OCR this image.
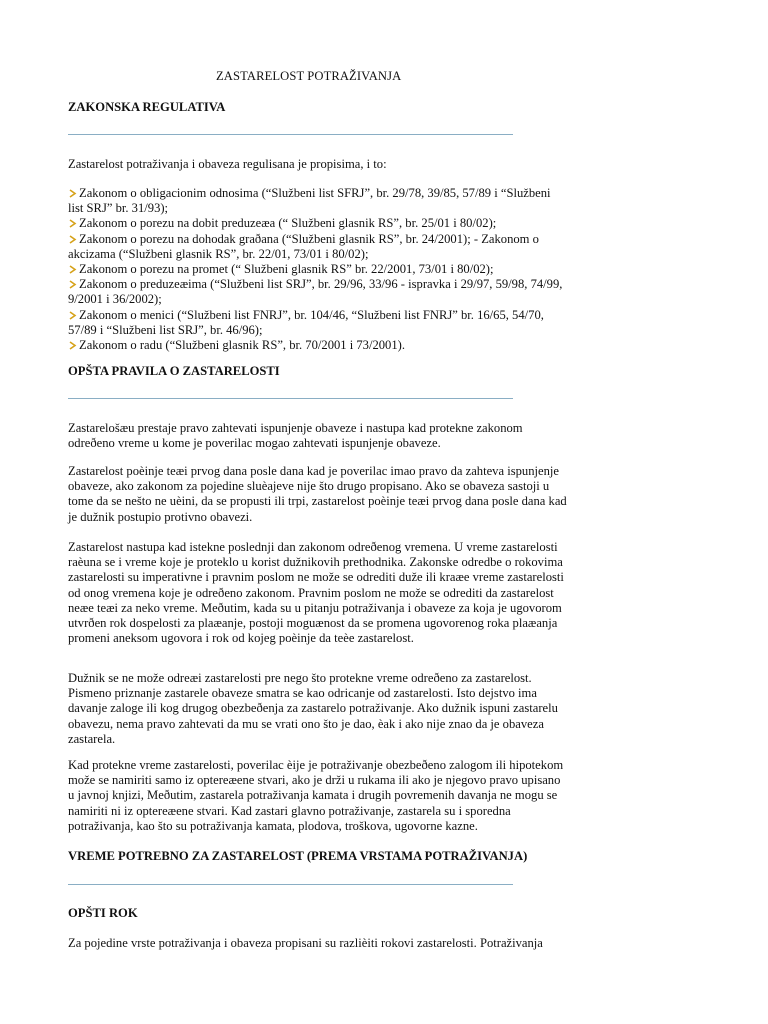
ZASTARELOST POTRAŽIVANJA
ZAKONSKA REGULATIVA
Zastarelost potraživanja i obaveza regulisana je propisima, i to:
Zakonom o obligacionim odnosima (“Službeni list SFRJ”, br. 29/78, 39/85, 57/89 i “Službeni list SRJ” br. 31/93);
Zakonom o porezu na dobit preduzeæa (“ Službeni glasnik RS”, br. 25/01 i 80/02);
Zakonom o porezu na dohodak graðana (“Službeni glasnik RS”, br. 24/2001); - Zakonom o akcizama (“Službeni glasnik RS”, br. 22/01, 73/01 i 80/02);
Zakonom o porezu na promet (“ Službeni glasnik RS” br. 22/2001, 73/01 i 80/02);
Zakonom o preduzeæima (“Službeni list SRJ”, br. 29/96, 33/96 - ispravka i 29/97, 59/98, 74/99, 9/2001 i 36/2002);
Zakonom o menici (“Službeni list FNRJ”, br. 104/46, “Službeni list FNRJ” br. 16/65, 54/70, 57/89 i “Službeni list SRJ”, br. 46/96);
Zakonom o radu (“Službeni glasnik RS”, br. 70/2001 i 73/2001).
OPŠTA PRAVILA O ZASTARELOSTI
Zastarelošæu prestaje pravo zahtevati ispunjenje obaveze i nastupa kad protekne zakonom odreðeno vreme u kome je poverilac mogao zahtevati ispunjenje obaveze.
Zastarelost poèinje teæi prvog dana posle dana kad je poverilac imao pravo da zahteva ispunjenje obaveze, ako zakonom za pojedine sluèajeve nije što drugo propisano. Ako se obaveza sastoji u tome da se nešto ne uèini, da se propusti ili trpi, zastarelost poèinje teæi prvog dana posle dana kad je dužnik postupio protivno obavezi.
Zastarelost nastupa kad istekne poslednji dan zakonom odreðenog vremena. U vreme zastarelosti raèuna se i vreme koje je proteklo u korist dužnikovih prethodnika. Zakonske odredbe o rokovima zastarelosti su imperativne i pravnim poslom ne može se odrediti duže ili kraæe vreme zastarelosti od onog vremena koje je odreðeno zakonom. Pravnim poslom ne može se odrediti da zastarelost neæe teæi za neko vreme. Meðutim, kada su u pitanju potraživanja i obaveze za koja je ugovorom utvrðen rok dospelosti za plaæanje, postoji moguænost da se promena ugovorenog roka plaæanja promeni aneksom ugovora i rok od kojeg poèinje da teèe zastarelost.
Dužnik se ne može odreæi zastarelosti pre nego što protekne vreme odreðeno za zastarelost. Pismeno priznanje zastarele obaveze smatra se kao odricanje od zastarelosti. Isto dejstvo ima davanje zaloge ili kog drugog obezbeðenja za zastarelo potraživanje. Ako dužnik ispuni zastarelu obavezu, nema pravo zahtevati da mu se vrati ono što je dao, èak i ako nije znao da je obaveza zastarela.
Kad protekne vreme zastarelosti, poverilac èije je potraživanje obezbeðeno zalogom ili hipotekom može se namiriti samo iz optereæene stvari, ako je drži u rukama ili ako je njegovo pravo upisano u javnoj knjizi, Meðutim, zastarela potraživanja kamata i drugih povremenih davanja ne mogu se namiriti ni iz optereæene stvari. Kad zastari glavno potraživanje, zastarela su i sporedna potraživanja, kao što su potraživanja kamata, plodova, troškova, ugovorne kazne.
VREME POTREBNO ZA ZASTARELOST (PREMA VRSTAMA POTRAŽIVANJA)
OPŠTI ROK
Za pojedine vrste potraživanja i obaveza propisani su razlièiti rokovi zastarelosti. Potraživanja
